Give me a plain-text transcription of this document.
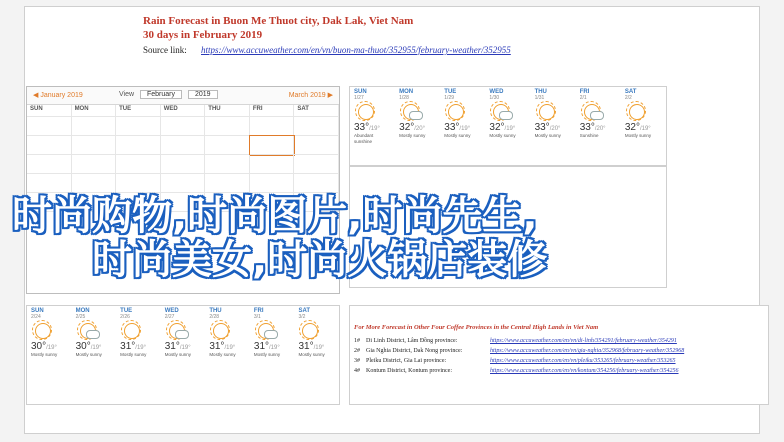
Rain Forecast in Buon Me Thuot city, Dak Lak, Viet Nam
30 days in February 2019
Source link: https://www.accuweather.com/en/vn/buon-ma-thuot/352955/february-weather/352955
◀ January 2019	View February	2019	March 2019 ▶
SUN	MON	TUE	WED	THU	FRI	SAT
SUN
1/27
33°/19°
Abundant sunshine
MON
1/28
32°/20°
Mostly sunny
TUE
1/29
33°/19°
Mostly sunny
WED
1/30
32°/19°
Mostly sunny
THU
1/31
33°/20°
Mostly sunny
FRI
2/1
33°/20°
Sunshine
SAT
2/2
32°/19°
Mostly sunny
SUN
2/24
30°/19°
Mostly sunny
MON
2/25
30°/19°
Mostly sunny
TUE
2/26
31°/19°
Mostly sunny
WED
2/27
31°/19°
Mostly sunny
THU
2/28
31°/19°
Mostly sunny
FRI
3/1
31°/19°
Mostly sunny
SAT
3/2
31°/19°
Mostly sunny
For More Forecast in Other Four Coffee Provinces in the Central High Lands in Viet Nam
1# Di Linh District, Lâm Đồng province:	https://www.accuweather.com/en/vn/di-linh/354291/february-weather/354291
2# Gia Nghia District, Dak Nong province:	https://www.accuweather.com/en/vn/gia-nghia/352968/february-weather/352968
3# Pleiku District, Gia Lai province:	https://www.accuweather.com/en/vn/pleiku/353265/february-weather/353265
4# Kontum District, Kontum province:	https://www.accuweather.com/en/vn/kontum/354256/february-weather/354256
时尚购物,时尚图片,时尚先生,
时尚美女,时尚火锅店装修
